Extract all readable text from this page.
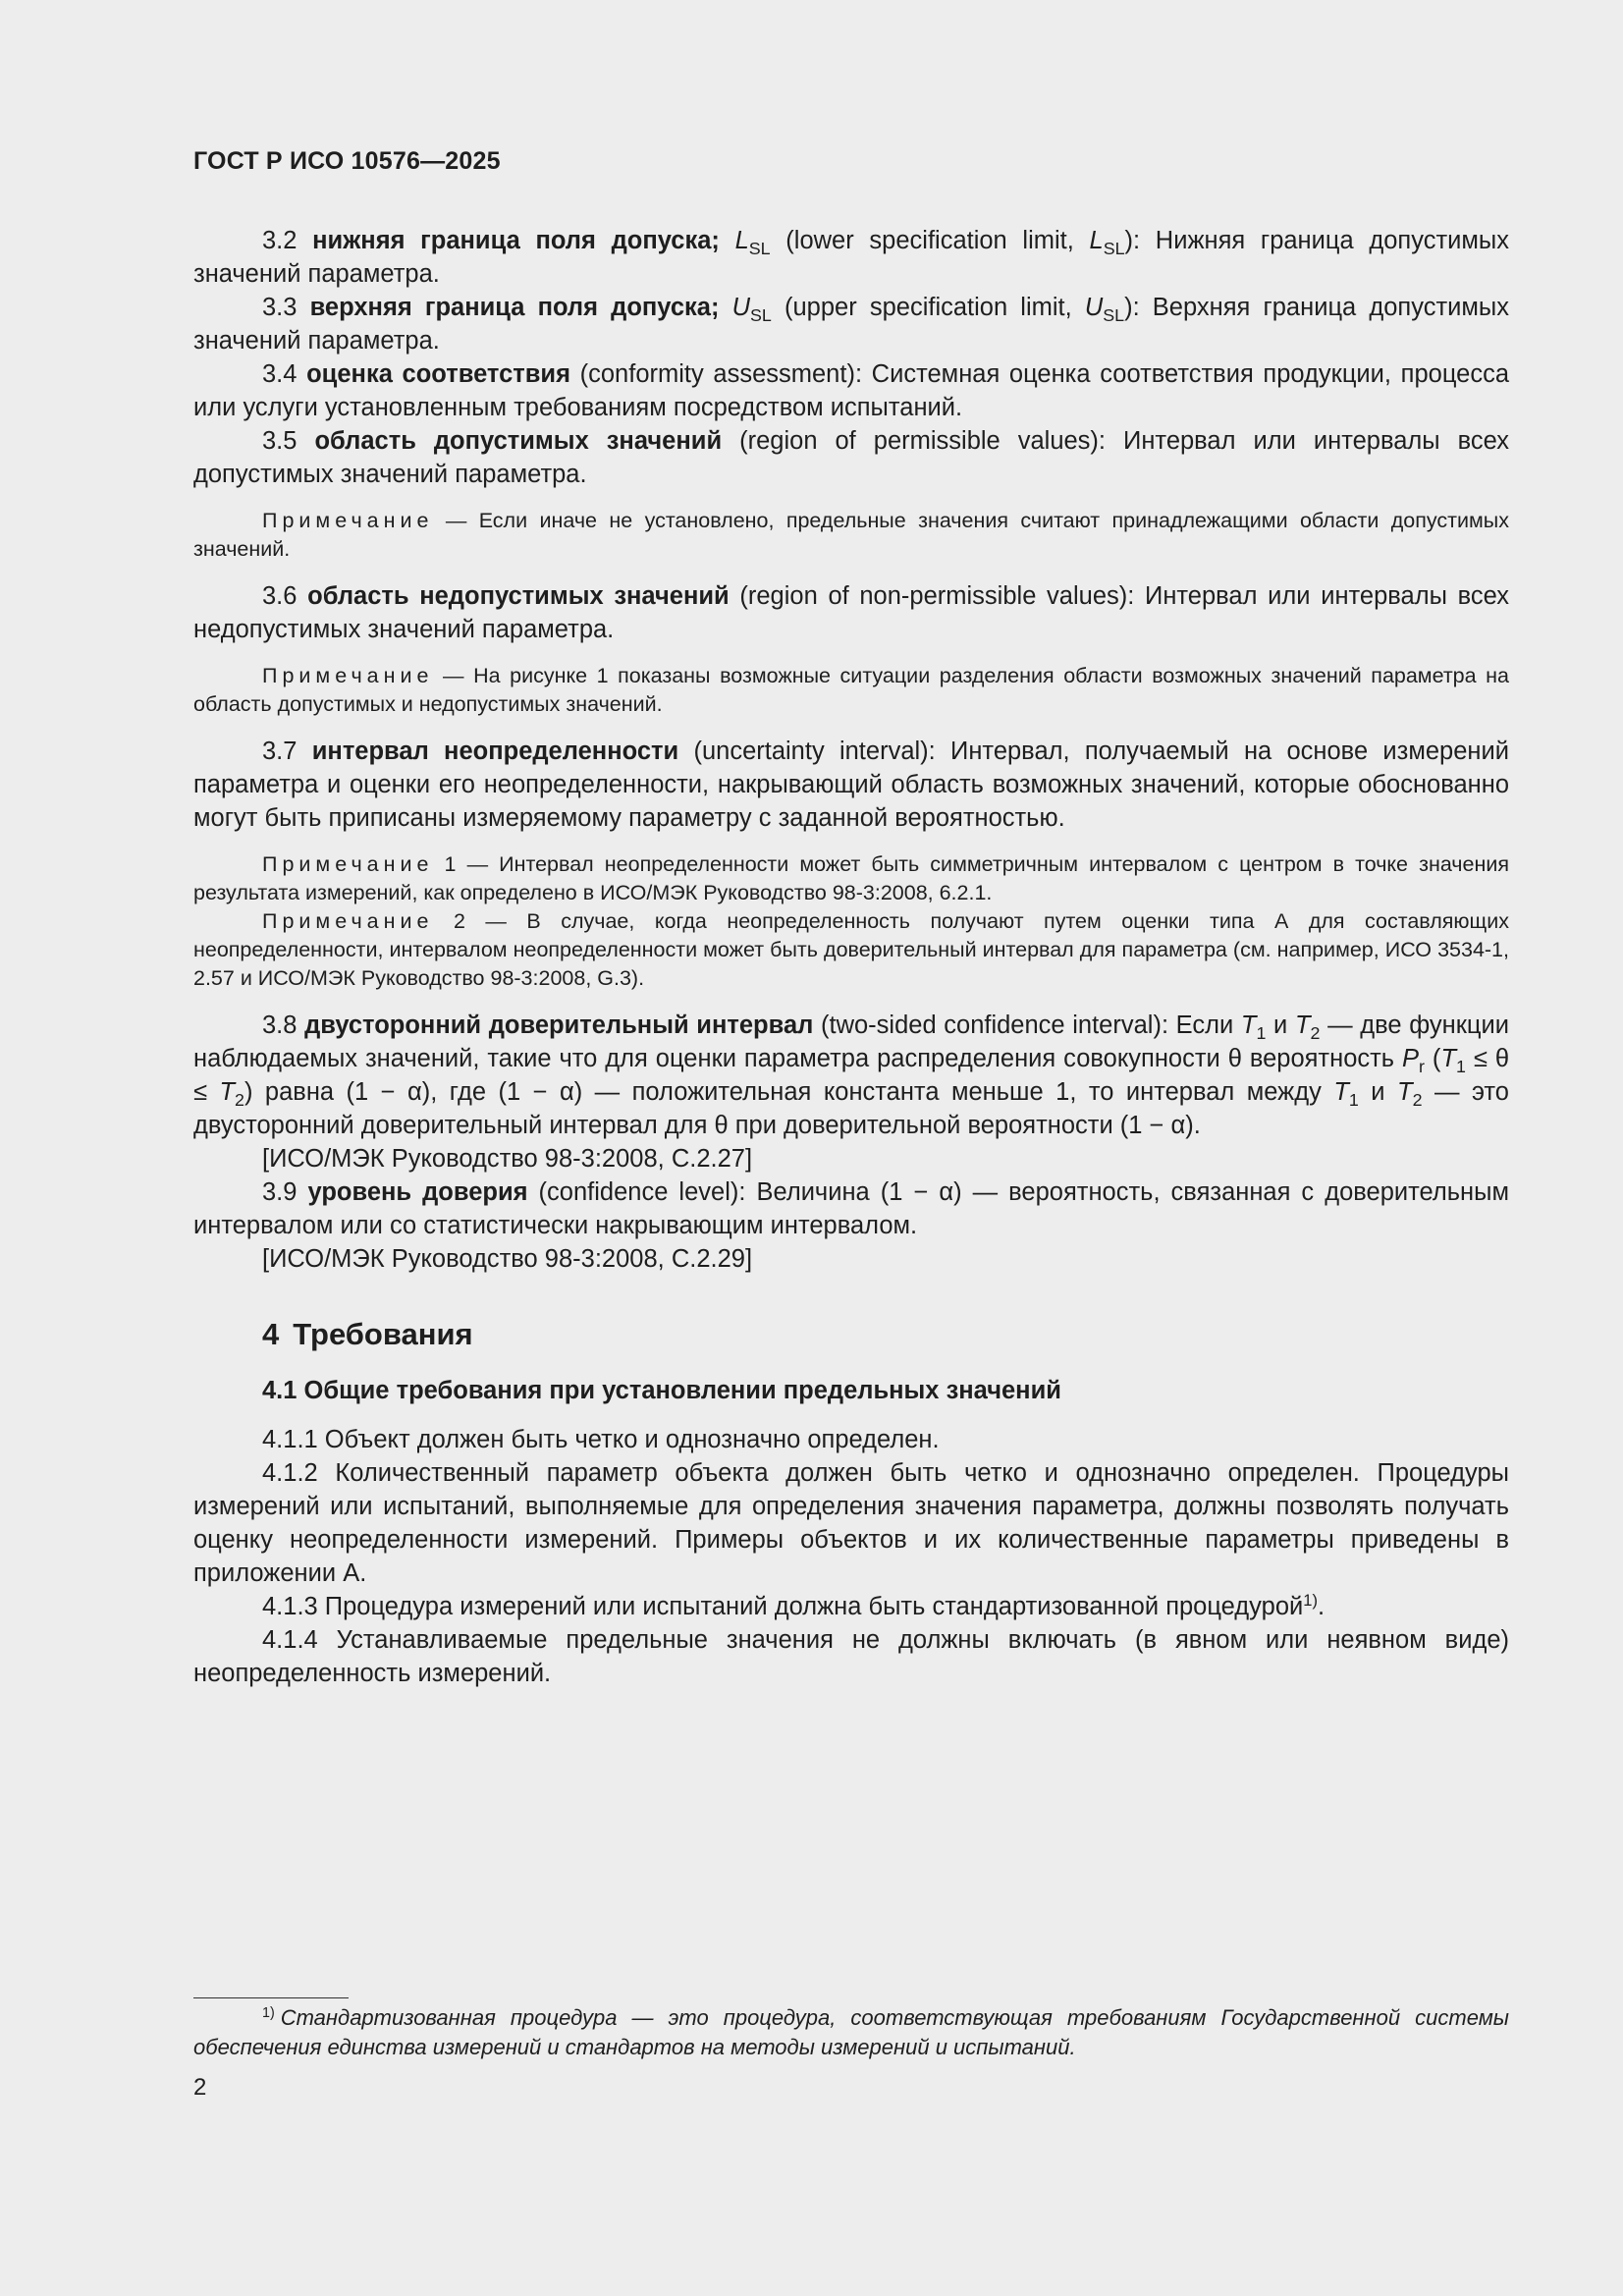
ГОСТ Р ИСО 10576—2025

3.2 нижняя граница поля допуска; $L_{SL}$ (lower specification limit, $L_{SL}$): Нижняя граница допустимых значений параметра.

3.3 верхняя граница поля допуска; $U_{SL}$ (upper specification limit, $U_{SL}$): Верхняя граница допустимых значений параметра.

3.4 оценка соответствия (conformity assessment): Системная оценка соответствия продукции, процесса или услуги установленным требованиям посредством испытаний.

3.5 область допустимых значений (region of permissible values): Интервал или интервалы всех допустимых значений параметра.

Примечание — Если иначе не установлено, предельные значения считают принадлежащими области допустимых значений.

3.6 область недопустимых значений (region of non-permissible values): Интервал или интервалы всех недопустимых значений параметра.

Примечание — На рисунке 1 показаны возможные ситуации разделения области возможных значений параметра на область допустимых и недопустимых значений.

3.7 интервал неопределенности (uncertainty interval): Интервал, получаемый на основе измерений параметра и оценки его неопределенности, накрывающий область возможных значений, которые обоснованно могут быть приписаны измеряемому параметру с заданной вероятностью.

Примечание 1 — Интервал неопределенности может быть симметричным интервалом с центром в точке значения результата измерений, как определено в ИСО/МЭК Руководство 98-3:2008, 6.2.1.

Примечание 2 — В случае, когда неопределенность получают путем оценки типа А для составляющих неопределенности, интервалом неопределенности может быть доверительный интервал для параметра (см. например, ИСО 3534-1, 2.57 и ИСО/МЭК Руководство 98-3:2008, G.3).

3.8 двусторонний доверительный интервал (two-sided confidence interval): Если $T_1$ и $T_2$ — две функции наблюдаемых значений, такие что для оценки параметра распределения совокупности θ вероятность $P_r$ $(T_1 \le \theta \le T_2)$ равна (1 − α), где (1 − α) — положительная константа меньше 1, то интервал между $T_1$ и $T_2$ — это двусторонний доверительный интервал для θ при доверительной вероятности (1 − α).

[ИСО/МЭК Руководство 98-3:2008, С.2.27]

3.9 уровень доверия (confidence level): Величина (1 − α) — вероятность, связанная с доверительным интервалом или со статистически накрывающим интервалом.

[ИСО/МЭК Руководство 98-3:2008, С.2.29]

4 Требования
4.1 Общие требования при установлении предельных значений

4.1.1 Объект должен быть четко и однозначно определен.

4.1.2 Количественный параметр объекта должен быть четко и однозначно определен. Процедуры измерений или испытаний, выполняемые для определения значения параметра, должны позволять получать оценку неопределенности измерений. Примеры объектов и их количественные параметры приведены в приложении А.

4.1.3 Процедура измерений или испытаний должна быть стандартизованной процедурой$^{1)}$.

4.1.4 Устанавливаемые предельные значения не должны включать (в явном или неявном виде) неопределенность измерений.

$^{1)}$ Стандартизованная процедура — это процедура, соответствующая требованиям Государственной системы обеспечения единства измерений и стандартов на методы измерений и испытаний.
2
